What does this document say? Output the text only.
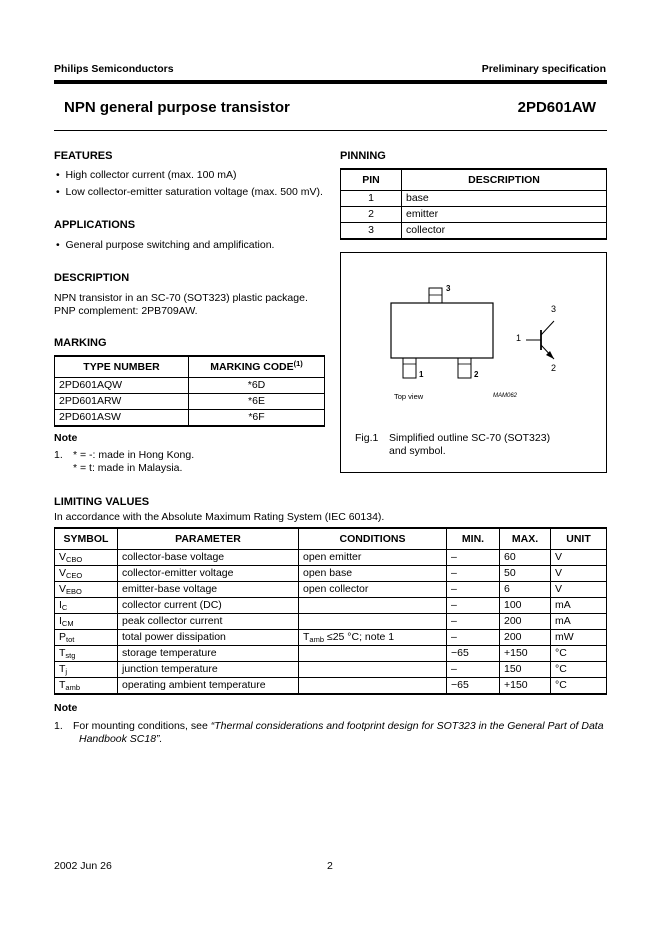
Philips Semiconductors	Preliminary specification
NPN general purpose transistor	2PD601AW
FEATURES
•  High collector current (max. 100 mA)
•  Low collector-emitter saturation voltage (max. 500 mV).
APPLICATIONS
•  General purpose switching and amplification.
DESCRIPTION
NPN transistor in an SC-70 (SOT323) plastic package.
PNP complement: 2PB709AW.
MARKING
TYPE NUMBER	MARKING CODE$^{(1)}$
2PD601AQW	*6D
2PD601ARW	*6E
2PD601ASW	*6F
Note
1. * = -: made in Hong Kong.
* = t: made in Malaysia.
PINNING
PIN	DESCRIPTION
1	base
2	emitter
3	collector
3
1	2
3
1
2
Top view	MAM062
Fig.1 Simplified outline SC-70 (SOT323)
and symbol.
LIMITING VALUES
In accordance with the Absolute Maximum Rating System (IEC 60134).
SYMBOL	PARAMETER	CONDITIONS	MIN.	MAX.	UNIT
$V_{CBO}$	collector-base voltage	open emitter	–	60	V
$V_{CEO}$	collector-emitter voltage	open base	–	50	V
$V_{EBO}$	emitter-base voltage	open collector	–	6	V
$I_C$	collector current (DC)		–	100	mA
$I_{CM}$	peak collector current		–	200	mA
$P_{tot}$	total power dissipation	$T_{amb} \le 25$ °C; note 1	–	200	mW
$T_{stg}$	storage temperature		−65	+150	°C
$T_j$	junction temperature		–	150	°C
$T_{amb}$	operating ambient temperature		−65	+150	°C
Note
1. For mounting conditions, see “Thermal considerations and footprint design for SOT323 in the General Part of Data
Handbook SC18”.
2002 Jun 26	2
